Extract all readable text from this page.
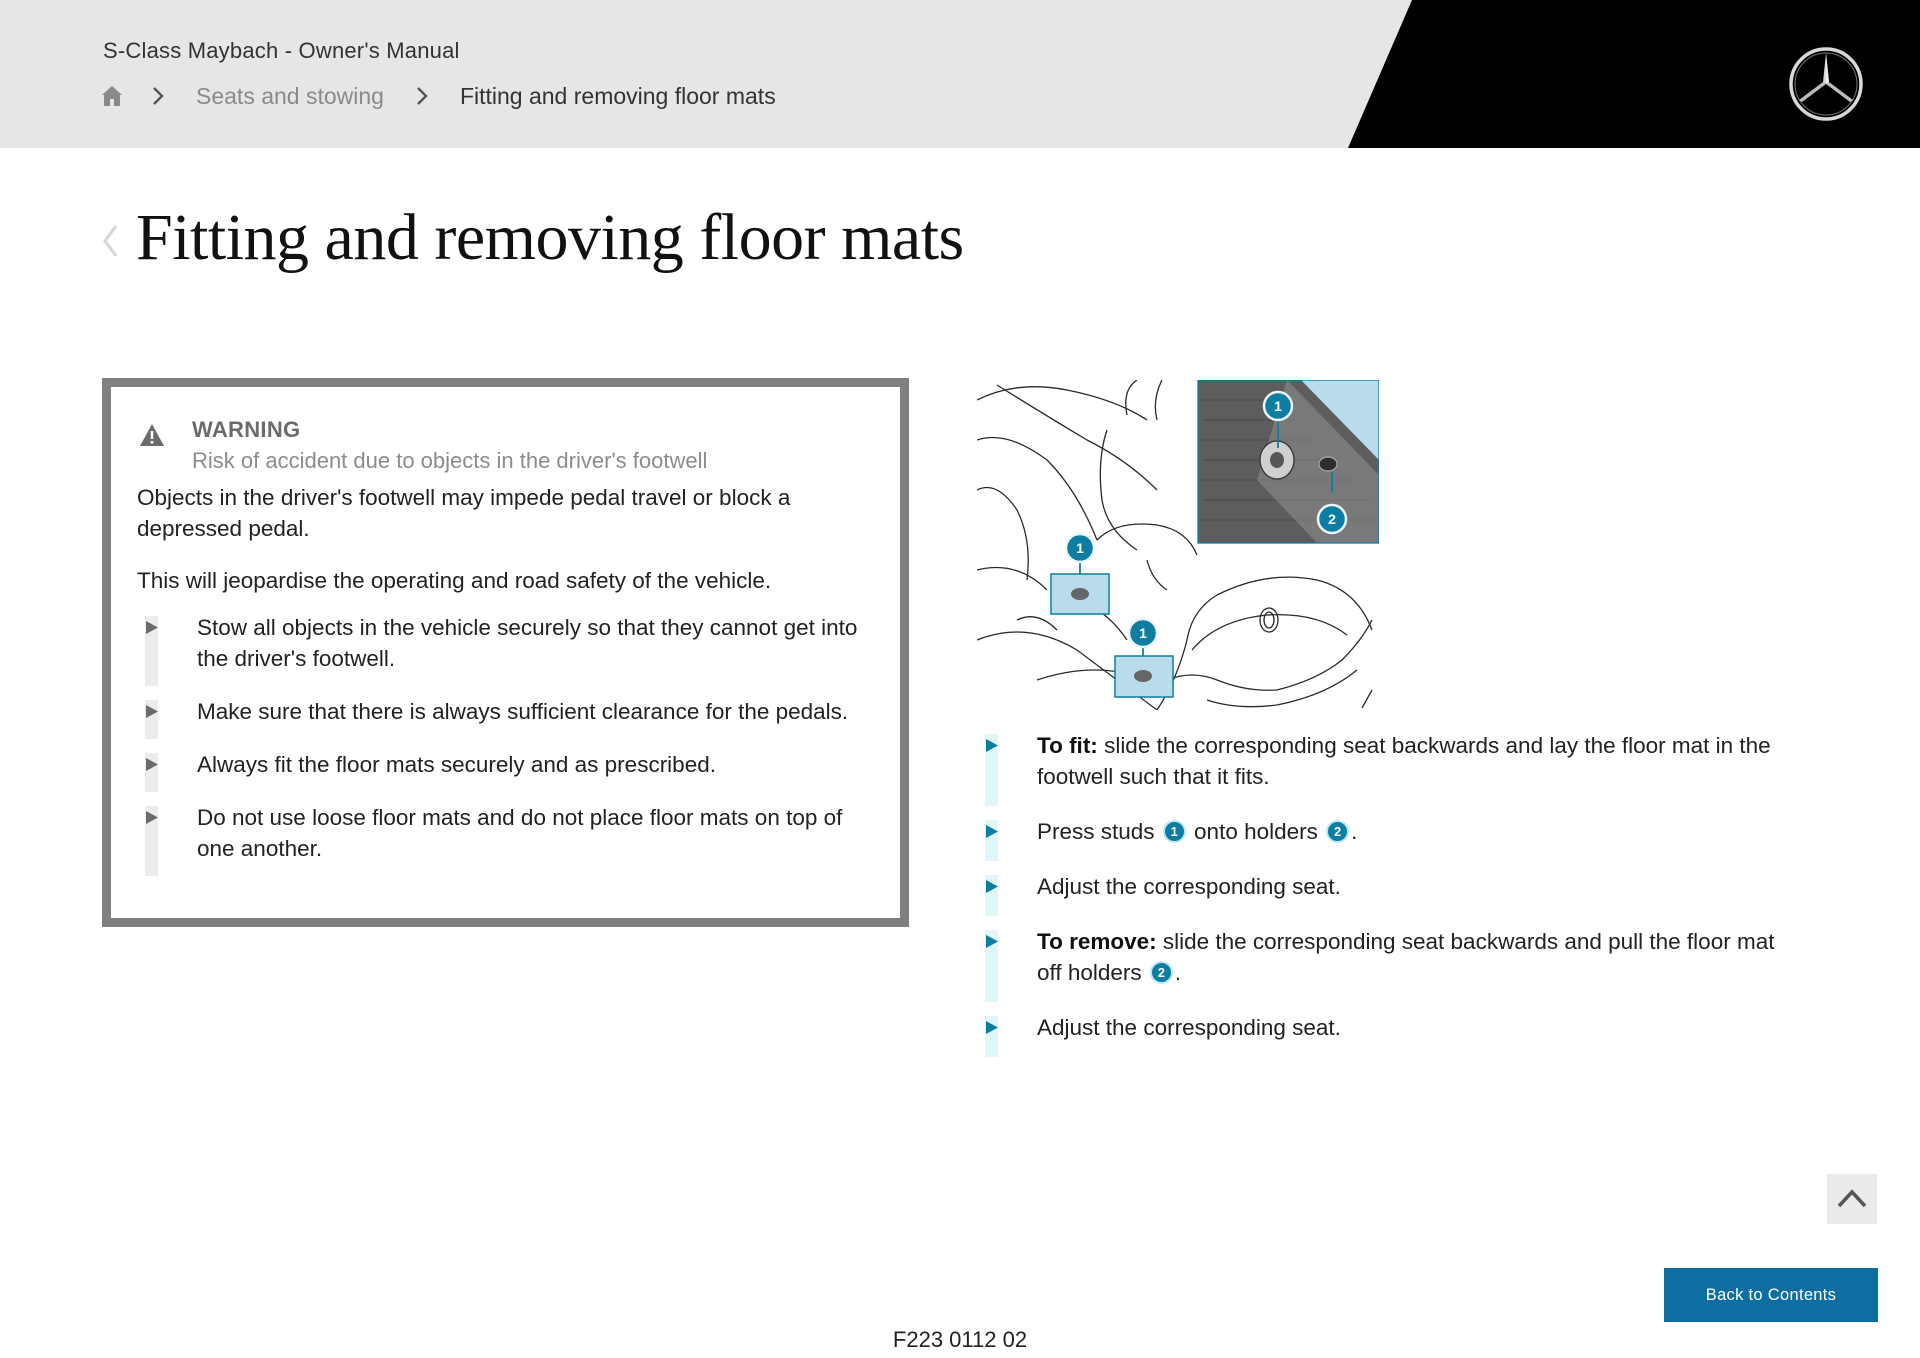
S-Class Maybach - Owner's Manual
Seats and stowing	Fitting and removing floor mats
Fitting and removing floor mats
WARNING
Risk of accident due to objects in the driver's footwell

Objects in the driver's footwell may impede pedal travel or block a depressed pedal.

This will jeopardise the operating and road safety of the vehicle.

Stow all objects in the vehicle securely so that they cannot get into the driver's footwell.
Make sure that there is always sufficient clearance for the pedals.
Always fit the floor mats securely and as prescribed.
Do not use loose floor mats and do not place floor mats on top of one another.
1
2
1
1
To fit: slide the corresponding seat backwards and lay the floor mat in the footwell such that it fits.
Press studs 1 onto holders 2 .
Adjust the corresponding seat.
To remove: slide the corresponding seat backwards and pull the floor mat off holders 2 .
Adjust the corresponding seat.
Back to Contents
F223 0112 02
